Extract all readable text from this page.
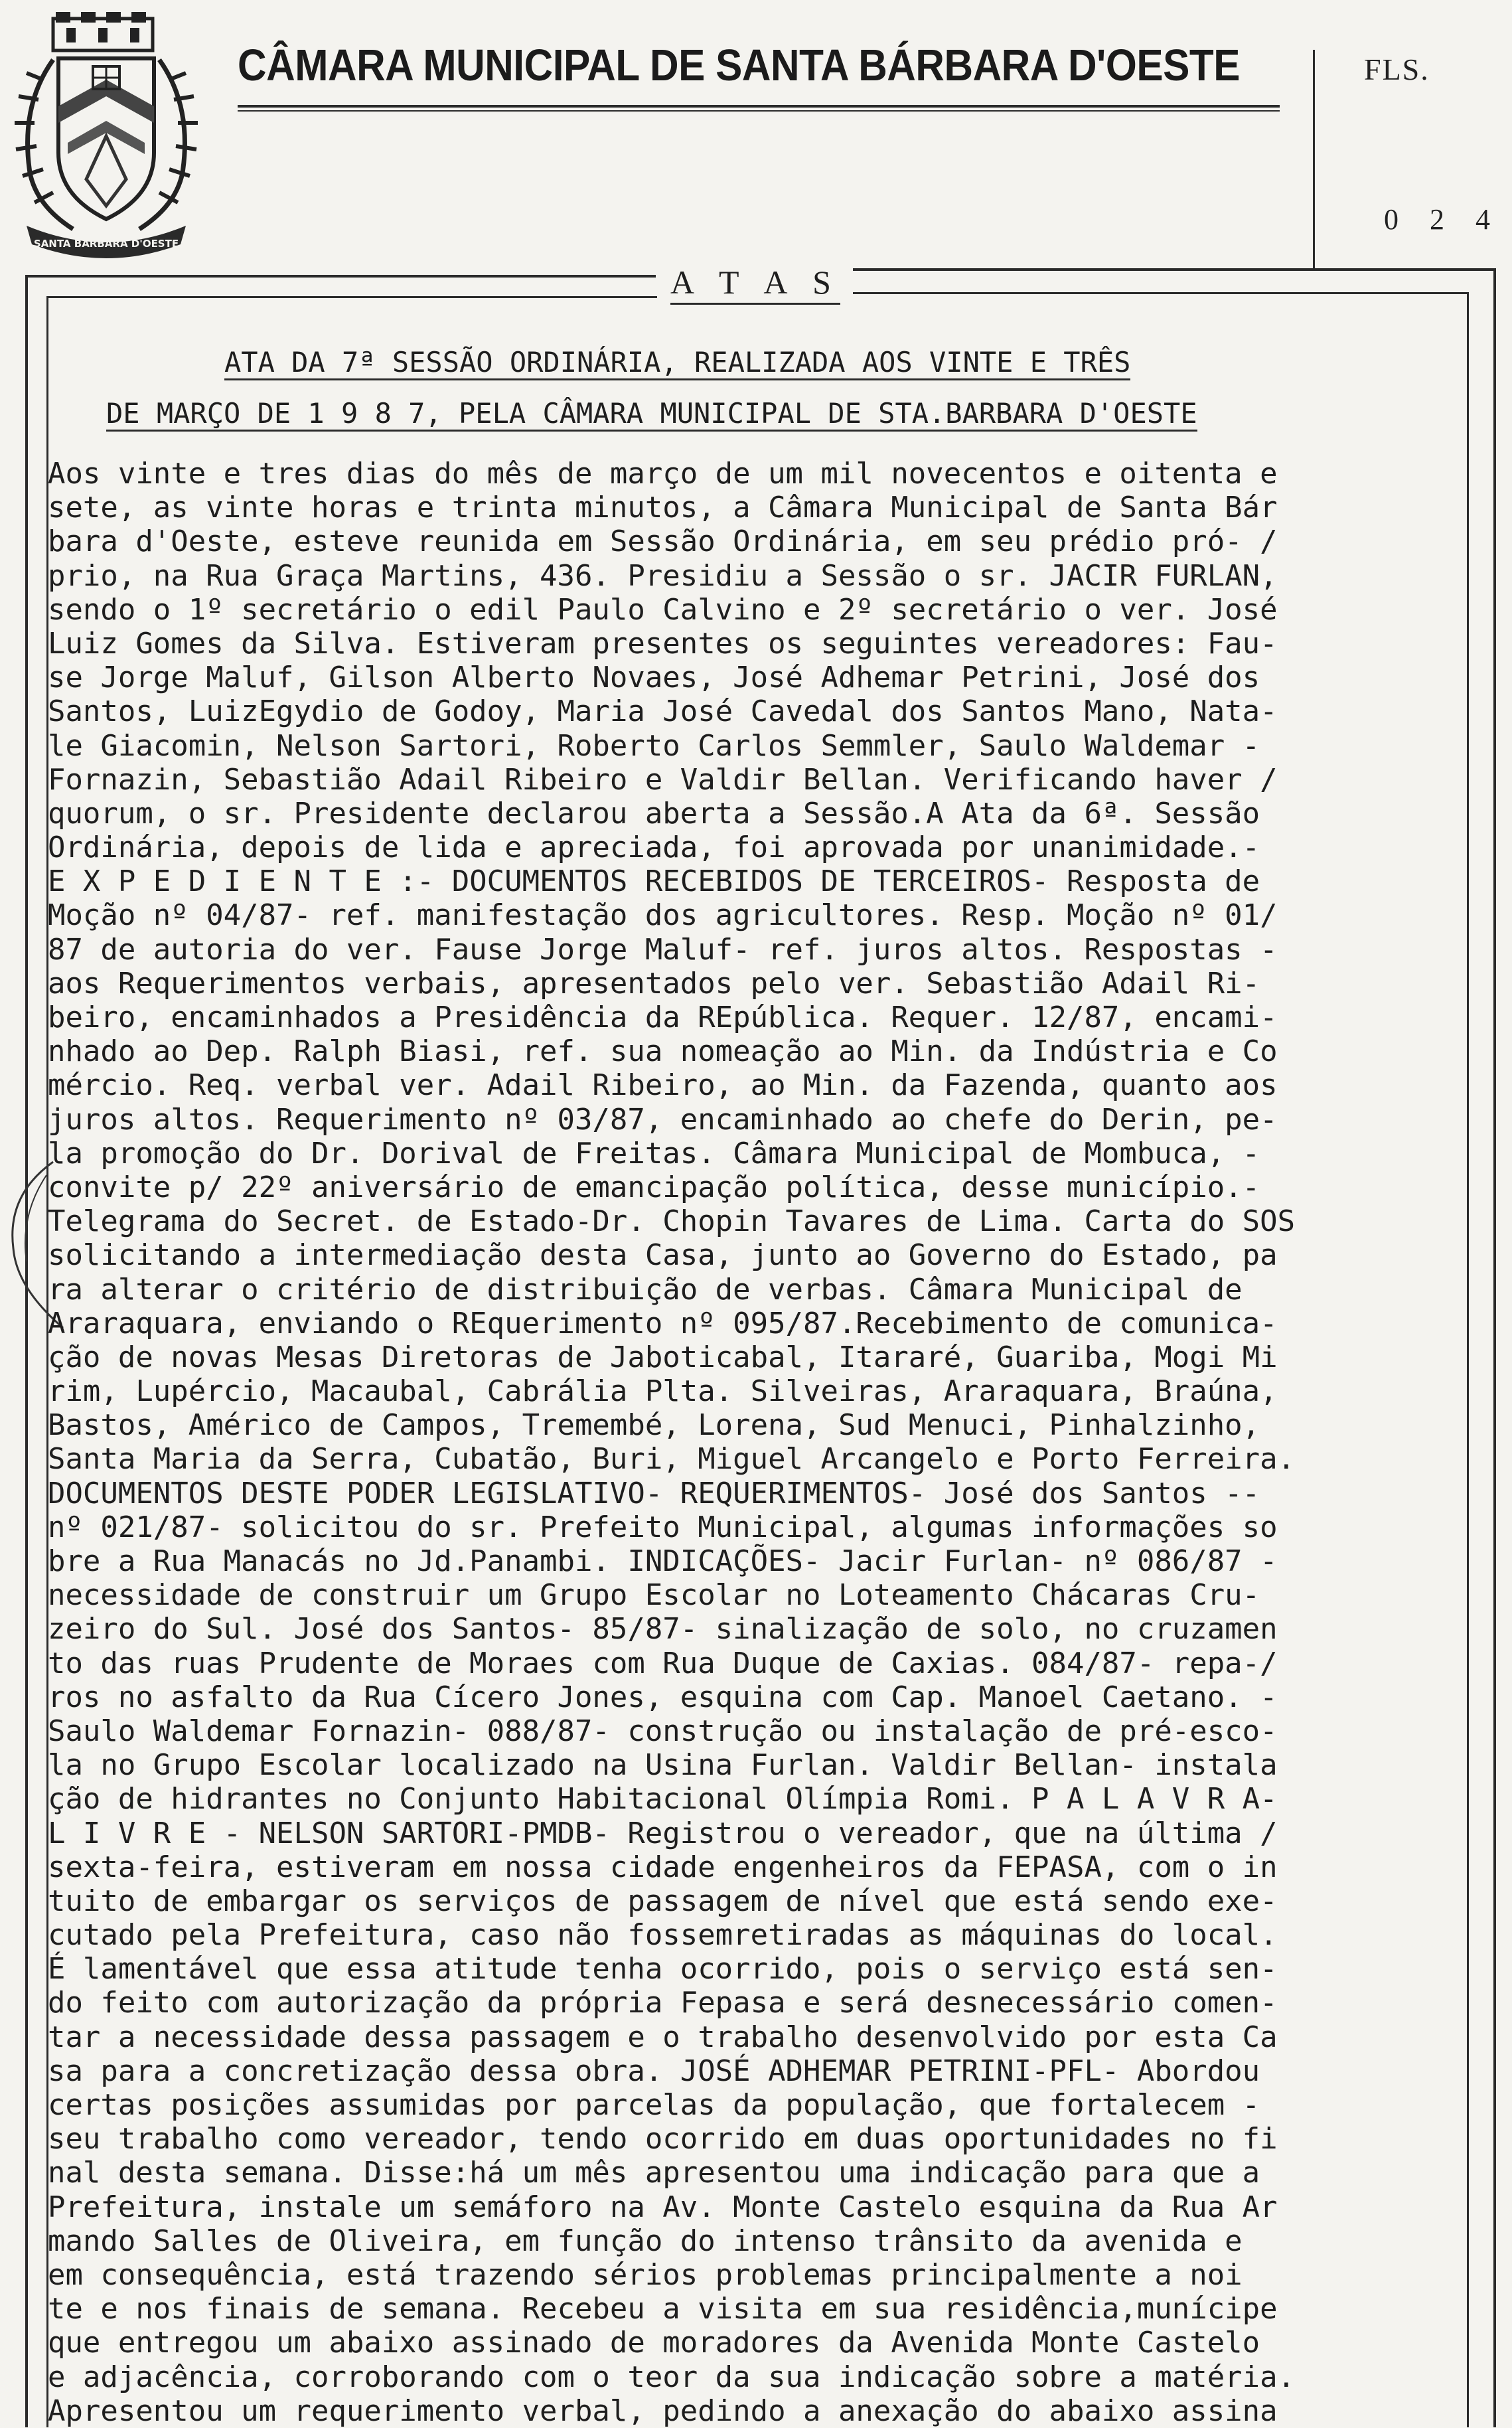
SANTA BARBARA D'OESTE
CÂMARA MUNICIPAL DE SANTA BÁRBARA D'OESTE	FLS.
0 2 4
A T A S
ATA DA 7ª SESSÃO ORDINÁRIA, REALIZADA AOS VINTE E TRÊS
DE MARÇO DE 1 9 8 7, PELA CÂMARA MUNICIPAL DE STA.BARBARA D'OESTE
Aos vinte e tres dias do mês de março de um mil novecentos e oitenta e
sete, as vinte horas e trinta minutos, a Câmara Municipal de Santa Bár
bara d'Oeste, esteve reunida em Sessão Ordinária, em seu prédio pró- /
prio, na Rua Graça Martins, 436. Presidiu a Sessão o sr. JACIR FURLAN,
sendo o 1º secretário o edil Paulo Calvino e 2º secretário o ver. José
Luiz Gomes da Silva. Estiveram presentes os seguintes vereadores: Fau-
se Jorge Maluf, Gilson Alberto Novaes, José Adhemar Petrini, José dos
Santos, LuizEgydio de Godoy, Maria José Cavedal dos Santos Mano, Nata-
le Giacomin, Nelson Sartori, Roberto Carlos Semmler, Saulo Waldemar -
Fornazin, Sebastião Adail Ribeiro e Valdir Bellan. Verificando haver /
quorum, o sr. Presidente declarou aberta a Sessão.A Ata da 6ª. Sessão
Ordinária, depois de lida e apreciada, foi aprovada por unanimidade.-
E X P E D I E N T E :- DOCUMENTOS RECEBIDOS DE TERCEIROS- Resposta de
Moção nº 04/87- ref. manifestação dos agricultores. Resp. Moção nº 01/
87 de autoria do ver. Fause Jorge Maluf- ref. juros altos. Respostas -
aos Requerimentos verbais, apresentados pelo ver. Sebastião Adail Ri-
beiro, encaminhados a Presidência da REpública. Requer. 12/87, encami-
nhado ao Dep. Ralph Biasi, ref. sua nomeação ao Min. da Indústria e Co
mércio. Req. verbal ver. Adail Ribeiro, ao Min. da Fazenda, quanto aos
juros altos. Requerimento nº 03/87, encaminhado ao chefe do Derin, pe-
la promoção do Dr. Dorival de Freitas. Câmara Municipal de Mombuca, -
convite p/ 22º aniversário de emancipação política, desse município.-
Telegrama do Secret. de Estado-Dr. Chopin Tavares de Lima. Carta do SOS
solicitando a intermediação desta Casa, junto ao Governo do Estado, pa
ra alterar o critério de distribuição de verbas. Câmara Municipal de
Araraquara, enviando o REquerimento nº 095/87.Recebimento de comunica-
ção de novas Mesas Diretoras de Jaboticabal, Itararé, Guariba, Mogi Mi
rim, Lupércio, Macaubal, Cabrália Plta. Silveiras, Araraquara, Braúna,
Bastos, Américo de Campos, Tremembé, Lorena, Sud Menuci, Pinhalzinho,
Santa Maria da Serra, Cubatão, Buri, Miguel Arcangelo e Porto Ferreira.
DOCUMENTOS DESTE PODER LEGISLATIVO- REQUERIMENTOS- José dos Santos --
nº 021/87- solicitou do sr. Prefeito Municipal, algumas informações so
bre a Rua Manacás no Jd.Panambi. INDICAÇÕES- Jacir Furlan- nº 086/87 -
necessidade de construir um Grupo Escolar no Loteamento Chácaras Cru-
zeiro do Sul. José dos Santos- 85/87- sinalização de solo, no cruzamen
to das ruas Prudente de Moraes com Rua Duque de Caxias. 084/87- repa-/
ros no asfalto da Rua Cícero Jones, esquina com Cap. Manoel Caetano. -
Saulo Waldemar Fornazin- 088/87- construção ou instalação de pré-esco-
la no Grupo Escolar localizado na Usina Furlan. Valdir Bellan- instala
ção de hidrantes no Conjunto Habitacional Olímpia Romi. P A L A V R A-
L I V R E - NELSON SARTORI-PMDB- Registrou o vereador, que na última /
sexta-feira, estiveram em nossa cidade engenheiros da FEPASA, com o in
tuito de embargar os serviços de passagem de nível que está sendo exe-
cutado pela Prefeitura, caso não fossemretiradas as máquinas do local.
É lamentável que essa atitude tenha ocorrido, pois o serviço está sen-
do feito com autorização da própria Fepasa e será desnecessário comen-
tar a necessidade dessa passagem e o trabalho desenvolvido por esta Ca
sa para a concretização dessa obra. JOSÉ ADHEMAR PETRINI-PFL- Abordou
certas posições assumidas por parcelas da população, que fortalecem -
seu trabalho como vereador, tendo ocorrido em duas oportunidades no fi
nal desta semana. Disse:há um mês apresentou uma indicação para que a
Prefeitura, instale um semáforo na Av. Monte Castelo esquina da Rua Ar
mando Salles de Oliveira, em função do intenso trânsito da avenida e
em consequência, está trazendo sérios problemas principalmente a noi
te e nos finais de semana. Recebeu a visita em sua residência,munícipe
que entregou um abaixo assinado de moradores da Avenida Monte Castelo
e adjacência, corroborando com o teor da sua indicação sobre a matéria.
Apresentou um requerimento verbal, pedindo a anexação do abaixo assina
